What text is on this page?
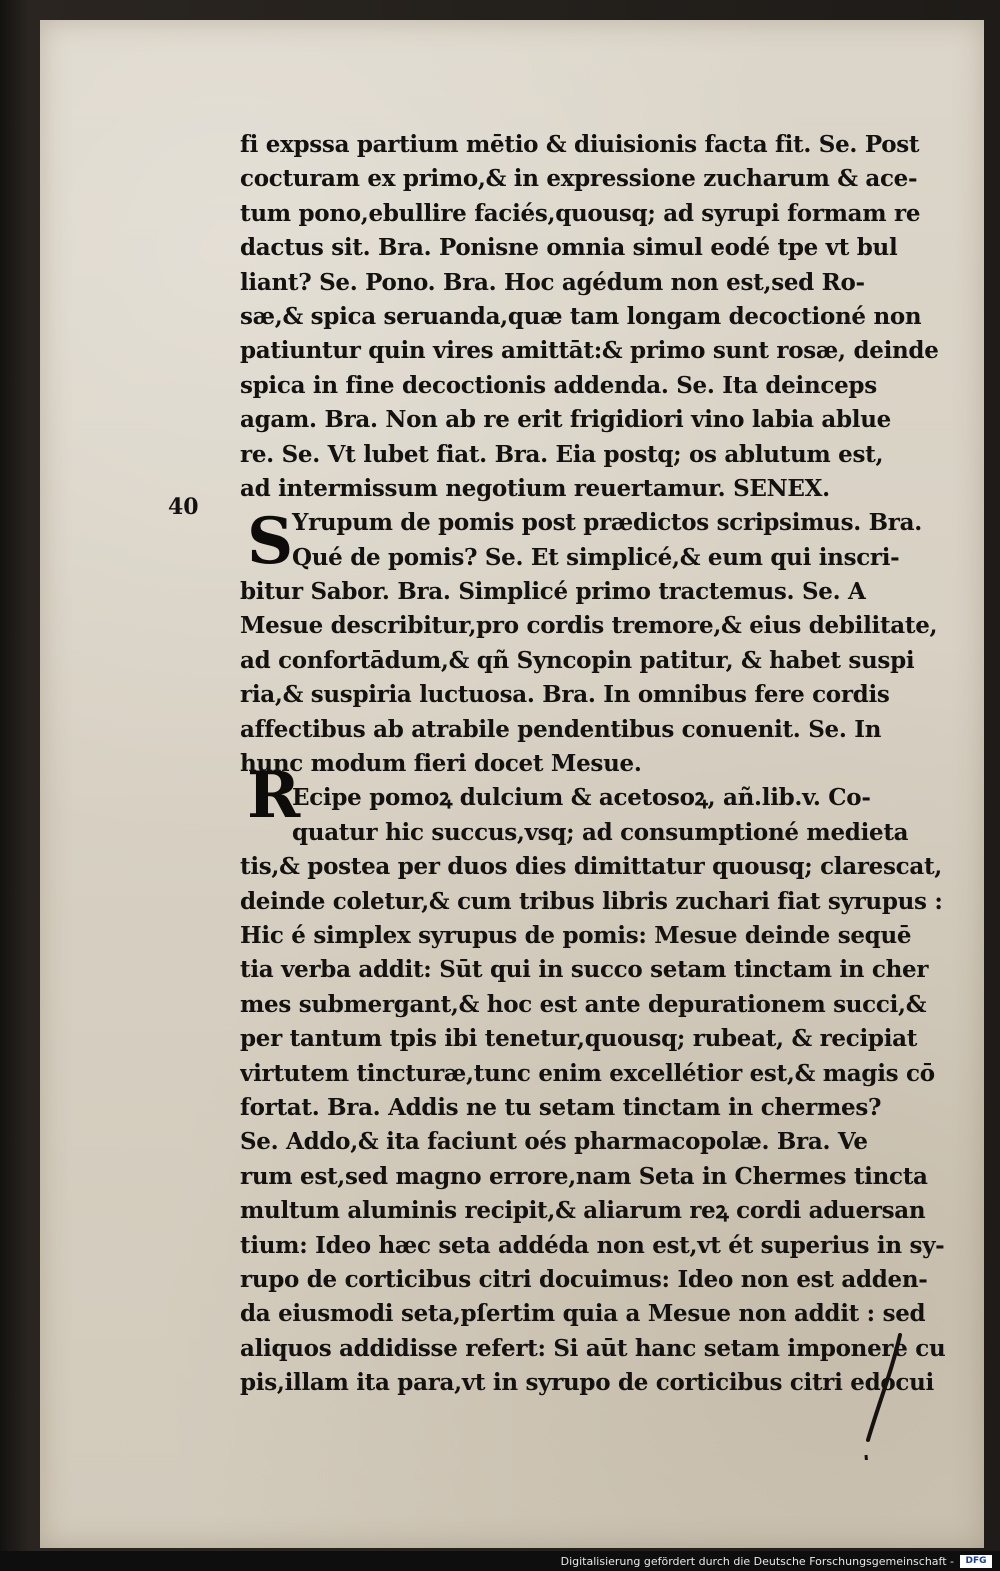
40 S
R
fi expssa partium mētio & diuisionis facta fit. Se. Post
cocturam ex primo,& in expressione zucharum & ace-
tum pono,ebullire faciés,quousq; ad syrupi formam re
dactus sit. Bra. Ponisne omnia simul eodé tpe vt bul
liant? Se. Pono. Bra. Hoc agédum non est,sed Ro-
sæ,& spica seruanda,quæ tam longam decoctioné non
patiuntur quin vires amittāt:& primo sunt rosæ, deinde
spica in fine decoctionis addenda. Se. Ita deinceps
agam. Bra. Non ab re erit frigidiori vino labia ablue
re. Se. Vt lubet fiat. Bra. Eia postq; os ablutum est,
ad intermissum negotium reuertamur. SENEX.
Yrupum de pomis post prædictos scripsimus. Bra.
Qué de pomis? Se. Et simplicé,& eum qui inscri-
bitur Sabor. Bra. Simplicé primo tractemus. Se. A
Mesue describitur,pro cordis tremore,& eius debilitate,
ad confortādum,& qñ Syncopin patitur, & habet suspi
ria,& suspiria luctuosa. Bra. In omnibus fere cordis
affectibus ab atrabile pendentibus conuenit. Se. In
hunc modum fieri docet Mesue.
Ecipe pomoꝝ dulcium & acetosoꝝ, añ.lib.v. Co-
quatur hic succus,vsq; ad consumptioné medieta
tis,& postea per duos dies dimittatur quousq; clarescat,
deinde coletur,& cum tribus libris zuchari fiat syrupus :
Hic é simplex syrupus de pomis: Mesue deinde sequē
tia verba addit: Sūt qui in succo setam tinctam in cher
mes submergant,& hoc est ante depurationem succi,&
per tantum tpis ibi tenetur,quousq; rubeat, & recipiat
virtutem tincturæ,tunc enim excellétior est,& magis cō
fortat. Bra. Addis ne tu setam tinctam in chermes?
Se. Addo,& ita faciunt oés pharmacopolæ. Bra. Ve
rum est,sed magno errore,nam Seta in Chermes tincta
multum aluminis recipit,& aliarum reꝝ cordi aduersan
tium: Ideo hæc seta addéda non est,vt ét superius in sy-
rupo de corticibus citri docuimus: Ideo non est adden-
da eiusmodi seta,pſertim quia a Mesue non addit : sed
aliquos addidisse refert: Si aūt hanc setam imponere cu
pis,illam ita para,vt in syrupo de corticibus citri edocui
Digitalisierung gefördert durch die Deutsche Forschungsgemeinschaft -	DFG
